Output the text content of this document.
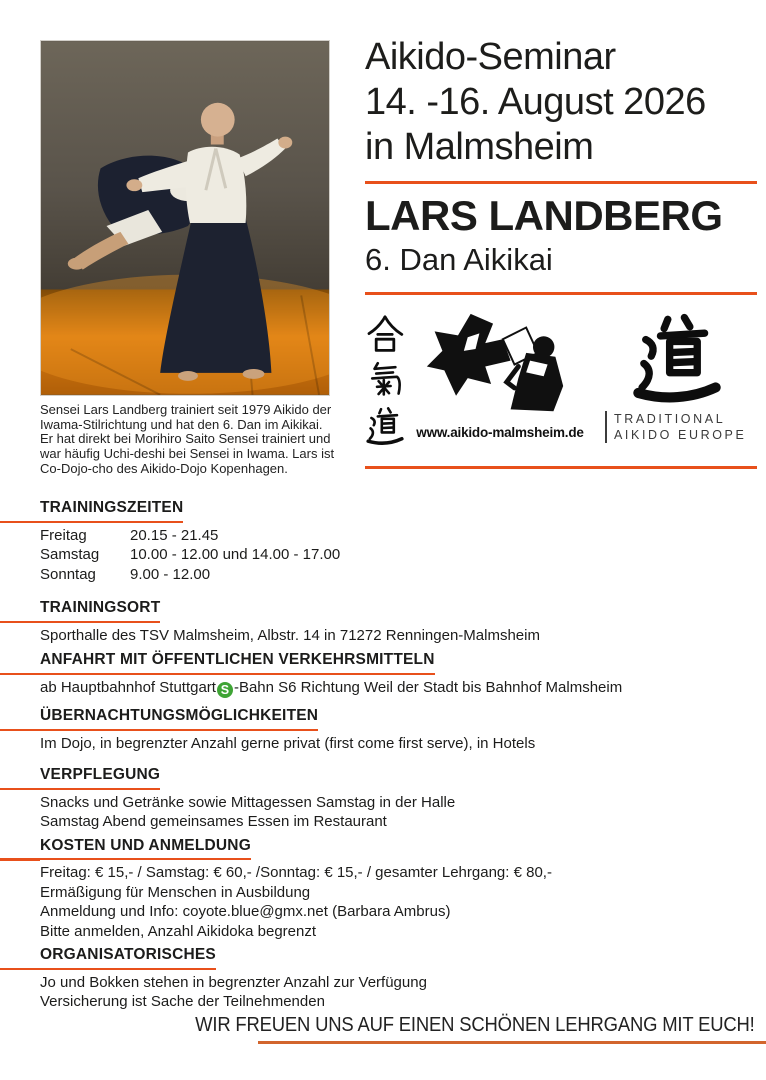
Sensei Lars Landberg trainiert seit 1979 Aikido der
Iwama-Stilrichtung und hat den 6. Dan im Aikikai.
Er hat direkt bei Morihiro Saito Sensei trainiert und
war häufig Uchi-deshi bei Sensei in Iwama. Lars ist
Co-Dojo-cho des Aikido-Dojo Kopenhagen.
Aikido-Seminar
14. -16. August 2026
in Malmsheim
LARS LANDBERG
6. Dan Aikikai
www.aikido-malmsheim.de
TRADITIONAL
AIKIDO EUROPE
TRAININGSZEITEN
Freitag	20.15 - 21.45
Samstag	10.00 - 12.00 und 14.00 - 17.00
Sonntag	9.00 - 12.00
TRAININGSORT

Sporthalle des TSV Malmsheim, Albstr. 14 in 71272 Renningen-Malmsheim

ANFAHRT MIT ÖFFENTLICHEN VERKEHRSMITTELN

ab Hauptbahnhof Stuttgart S -Bahn S6 Richtung Weil der Stadt bis Bahnhof Malmsheim

ÜBERNACHTUNGSMÖGLICHKEITEN

Im Dojo, in begrenzter Anzahl gerne privat (first come first serve), in Hotels

VERPFLEGUNG

Snacks und Getränke sowie Mittagessen Samstag in der Halle

Samstag Abend gemeinsames Essen im Restaurant

KOSTEN UND ANMELDUNG

Freitag: € 15,- / Samstag: € 60,- /Sonntag: € 15,- / gesamter Lehrgang: € 80,-

Ermäßigung für Menschen in Ausbildung

Anmeldung und Info: coyote.blue@gmx.net (Barbara Ambrus)

Bitte anmelden, Anzahl Aikidoka begrenzt

ORGANISATORISCHES

Jo und Bokken stehen in begrenzter Anzahl zur Verfügung

Versicherung ist Sache der Teilnehmenden

WIR FREUEN UNS AUF EINEN SCHÖNEN LEHRGANG MIT EUCH!
